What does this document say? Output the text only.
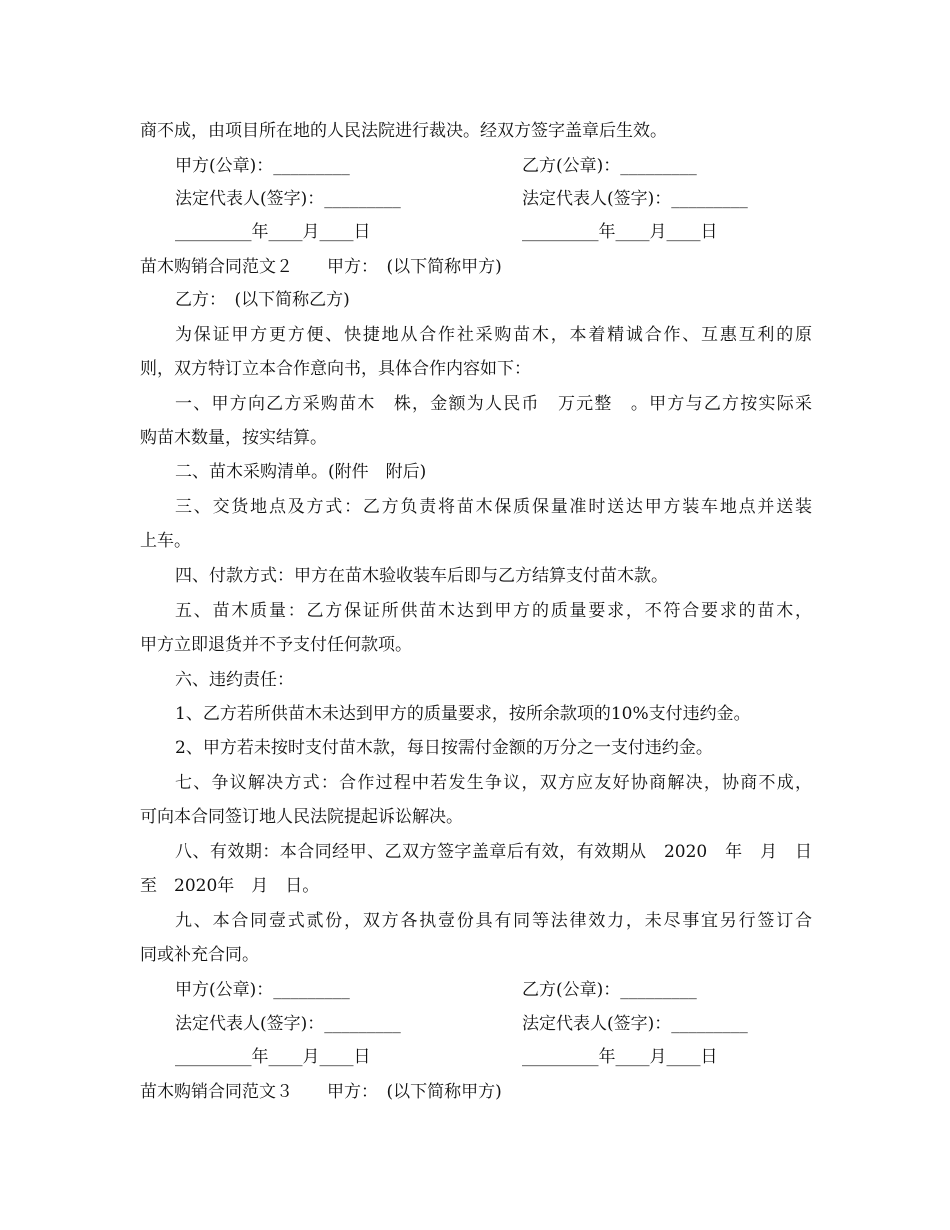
商不成，由项目所在地的人民法院进行裁决。经双方签字盖章后生效。
甲方(公章)：_________	乙方(公章)：_________
法定代表人(签字)：_________	法定代表人(签字)：_________
_________年____月____日	_________年____月____日
苗木购销合同范文２　　甲方：　(以下简称甲方)
乙方：　(以下简称乙方)
为保证甲方更方便、快捷地从合作社采购苗木，本着精诚合作、互惠互利的原
则，双方特订立本合作意向书，具体合作内容如下：
一、甲方向乙方采购苗木　株，金额为人民币　万元整　。甲方与乙方按实际采
购苗木数量，按实结算。
二、苗木采购清单。(附件　附后)
三、交货地点及方式：乙方负责将苗木保质保量准时送达甲方装车地点并送装
上车。
四、付款方式：甲方在苗木验收装车后即与乙方结算支付苗木款。
五、苗木质量：乙方保证所供苗木达到甲方的质量要求，不符合要求的苗木，
甲方立即退货并不予支付任何款项。
六、违约责任：
1、乙方若所供苗木未达到甲方的质量要求，按所余款项的10%支付违约金。
2、甲方若未按时支付苗木款，每日按需付金额的万分之一支付违约金。
七、争议解决方式：合作过程中若发生争议，双方应友好协商解决，协商不成，
可向本合同签订地人民法院提起诉讼解决。
八、有效期：本合同经甲、乙双方签字盖章后有效，有效期从　2020　年　月　日
至　2020年　月　日。
九、本合同壹式贰份，双方各执壹份具有同等法律效力，未尽事宜另行签订合
同或补充合同。
甲方(公章)：_________	乙方(公章)：_________
法定代表人(签字)：_________	法定代表人(签字)：_________
_________年____月____日	_________年____月____日
苗木购销合同范文３　　甲方：　(以下简称甲方)
